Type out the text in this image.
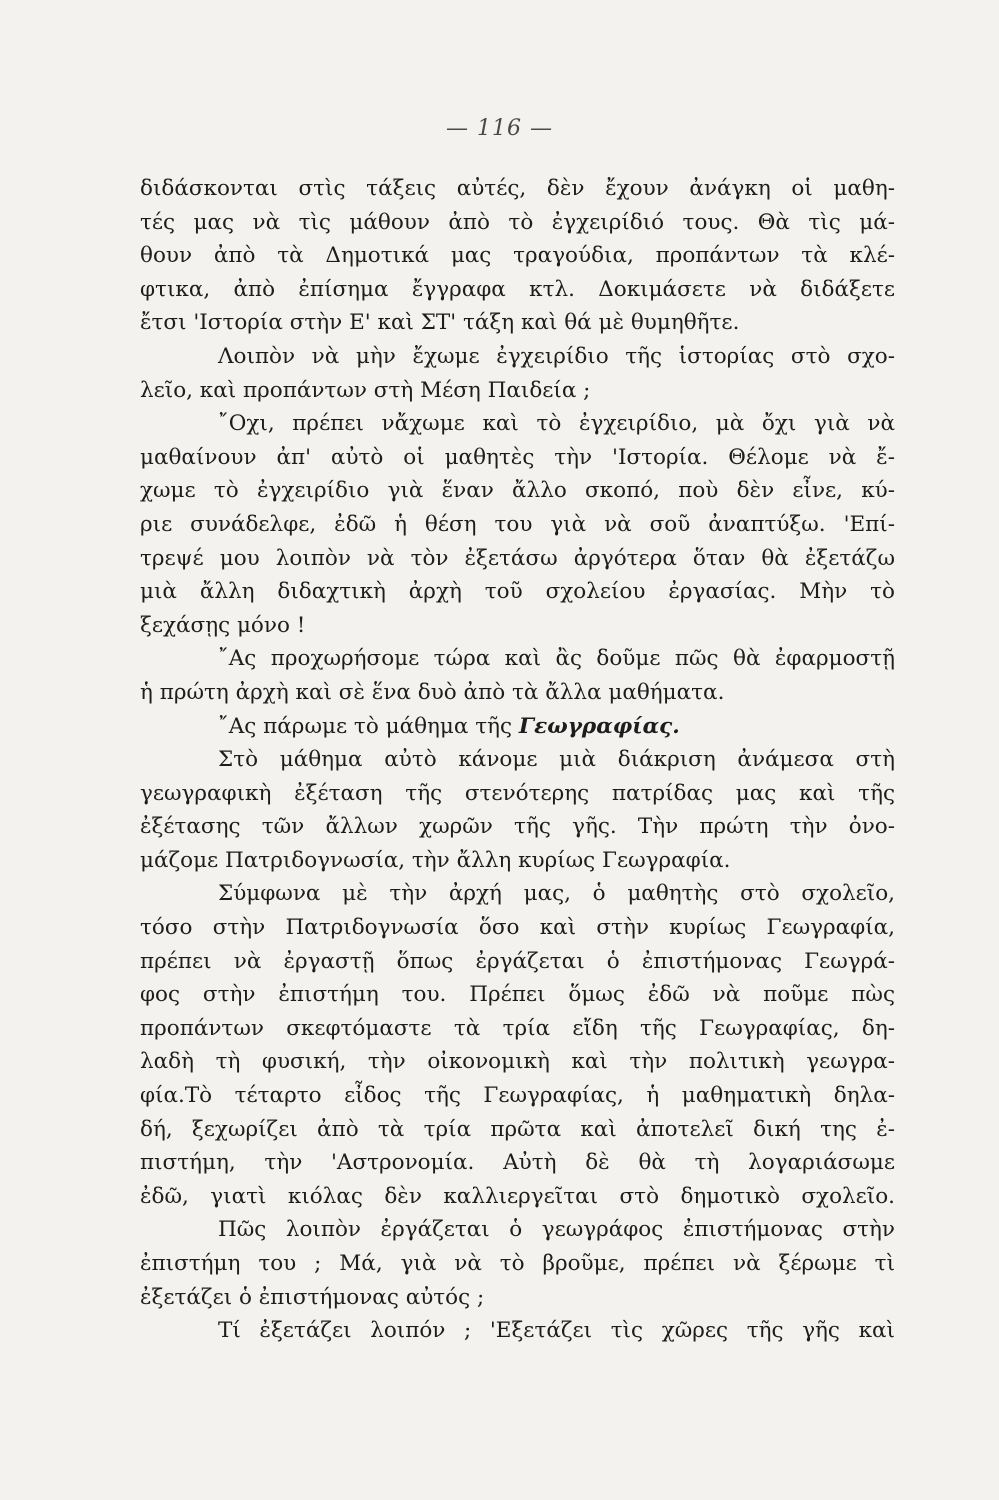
— 116 —
διδάσκονται στὶς τάξεις αὐτές, δὲν ἔχουν ἀνάγκη οἱ μαθη-
τές μας νὰ τὶς μάθουν ἀπὸ τὸ ἐγχειρίδιό τους. Θὰ τὶς μά-
θουν ἀπὸ τὰ Δημοτικά μας τραγούδια, προπάντων τὰ κλέ-
φτικα, ἀπὸ ἐπίσημα ἔγγραφα κτλ. Δοκιμάσετε νὰ διδάξετε
ἔτσι 'Ιστορία στὴν Ε' καὶ ΣΤ' τάξη καὶ θά μὲ θυμηθῆτε.
Λοιπὸν νὰ μὴν ἔχωμε ἐγχειρίδιο τῆς ἱστορίας στὸ σχο-
λεῖο, καὶ προπάντων στὴ Μέση Παιδεία ;
῎Οχι, πρέπει νἄχωμε καὶ τὸ ἐγχειρίδιο, μὰ ὄχι γιὰ νὰ
μαθαίνουν ἀπ' αὐτὸ οἱ μαθητὲς τὴν 'Ιστορία. Θέλομε νὰ ἔ-
χωμε τὸ ἐγχειρίδιο γιὰ ἕναν ἄλλο σκοπό, ποὺ δὲν εἶνε, κύ-
ριε συνάδελφε, ἐδῶ ἡ θέση του γιὰ νὰ σοῦ ἀναπτύξω. 'Επί-
τρεψέ μου λοιπὸν νὰ τὸν ἐξετάσω ἀργότερα ὅταν θὰ ἐξετάζω
μιὰ ἄλλη διδαχτικὴ ἀρχὴ τοῦ σχολείου ἐργασίας. Μὴν τὸ
ξεχάσῃς μόνο !
῎Ας προχωρήσομε τώρα καὶ ἂς δοῦμε πῶς θὰ ἐφαρμοστῇ
ἡ πρώτη ἀρχὴ καὶ σὲ ἕνα δυὸ ἀπὸ τὰ ἄλλα μαθήματα.
῎Ας πάρωμε τὸ μάθημα τῆς Γεωγραφίας.
Στὸ μάθημα αὐτὸ κάνομε μιὰ διάκριση ἀνάμεσα στὴ
γεωγραφικὴ ἐξέταση τῆς στενότερης πατρίδας μας καὶ τῆς
ἐξέτασης τῶν ἄλλων χωρῶν τῆς γῆς. Τὴν πρώτη τὴν ὀνο-
μάζομε Πατριδογνωσία, τὴν ἄλλη κυρίως Γεωγραφία.
Σύμφωνα μὲ τὴν ἀρχή μας, ὁ μαθητὴς στὸ σχολεῖο,
τόσο στὴν Πατριδογνωσία ὅσο καὶ στὴν κυρίως Γεωγραφία,
πρέπει νὰ ἐργαστῇ ὅπως ἐργάζεται ὁ ἐπιστήμονας Γεωγρά-
φος στὴν ἐπιστήμη του. Πρέπει ὅμως ἐδῶ νὰ ποῦμε πὼς
προπάντων σκεφτόμαστε τὰ τρία εἴδη τῆς Γεωγραφίας, δη-
λαδὴ τὴ φυσική, τὴν οἰκονομικὴ καὶ τὴν πολιτικὴ γεωγρα-
φία.Τὸ τέταρτο εἶδος τῆς Γεωγραφίας, ἡ μαθηματικὴ δηλα-
δή, ξεχωρίζει ἀπὸ τὰ τρία πρῶτα καὶ ἀποτελεῖ δική της ἐ-
πιστήμη, τὴν 'Αστρονομία. Αὐτὴ δὲ θὰ τὴ λογαριάσωμε
ἐδῶ, γιατὶ κιόλας δὲν καλλιεργεῖται στὸ δημοτικὸ σχολεῖο.
Πῶς λοιπὸν ἐργάζεται ὁ γεωγράφος ἐπιστήμονας στὴν
ἐπιστήμη του ; Μά, γιὰ νὰ τὸ βροῦμε, πρέπει νὰ ξέρωμε τὶ
ἐξετάζει ὁ ἐπιστήμονας αὐτός ;
Τί ἐξετάζει λοιπόν ; 'Εξετάζει τὶς χῶρες τῆς γῆς καὶ
